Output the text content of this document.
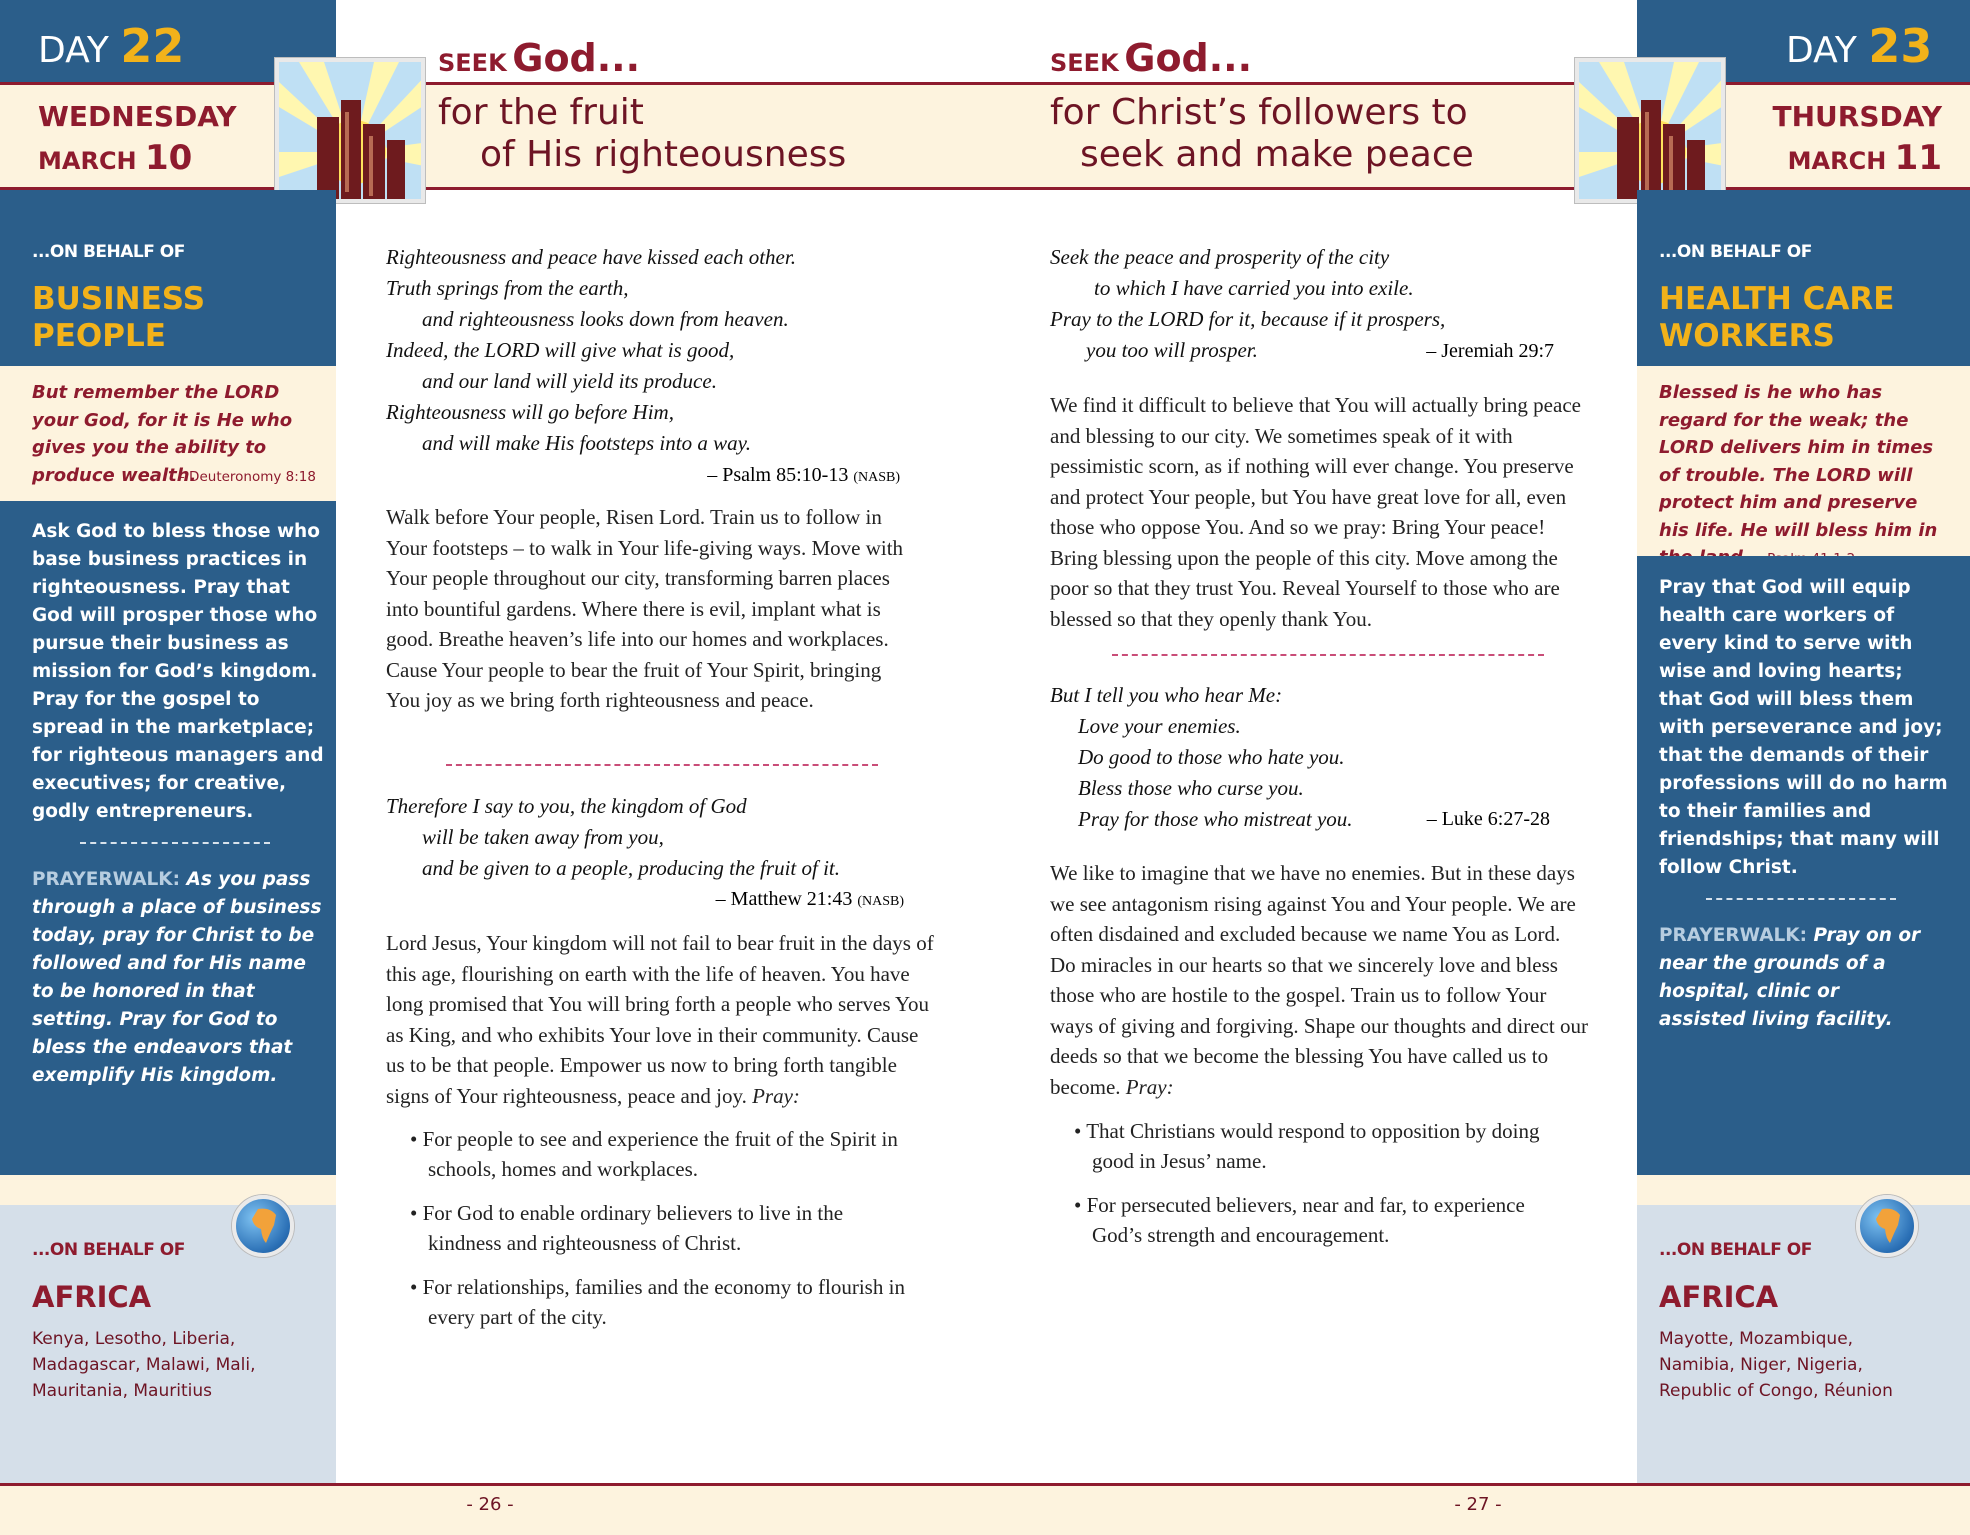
DAY 22	DAY 23
WEDNESDAY
MARCH 10
THURSDAY
MARCH 11
SEEK God...	SEEK God...
for the fruit
of His righteousness
for Christ’s followers to
seek and make peace
...ON BEHALF OF
BUSINESS
PEOPLE
But remember the LORD your God, for it is He who gives you the ability to produce wealth.
– Deuteronomy 8:18
Ask God to bless those who base business practices in righteousness. Pray that God will prosper those who pursue their business as mission for God’s kingdom. Pray for the gospel to spread in the marketplace; for righteous managers and executives; for creative, godly entrepreneurs.
PRAYERWALK: As you pass through a place of business today, pray for Christ to be followed and for His name to be honored in that setting. Pray for God to bless the endeavors that exemplify His kingdom.
...ON BEHALF OF
AFRICA
Kenya, Lesotho, Liberia, Madagascar, Malawi, Mali, Mauritania, Mauritius
...ON BEHALF OF
HEALTH CARE
WORKERS
Blessed is he who has regard for the weak; the LORD delivers him in times of trouble. The LORD will protect him and preserve his life. He will bless him in
Pray that God will equip health care workers of every kind to serve with wise and loving hearts; that God will bless them with perseverance and joy; that the demands of their professions will do no harm to their families and friendships; that many will follow Christ.
PRAYERWALK: Pray on or near the grounds of a hospital, clinic or assisted living facility.
...ON BEHALF OF
AFRICA
Mayotte, Mozambique, Namibia, Niger, Nigeria, Republic of Congo, Réunion
Righteousness and peace have kissed each other.
Truth springs from the earth,
and righteousness looks down from heaven.
Indeed, the LORD will give what is good,
and our land will yield its produce.
Righteousness will go before Him,
and will make His footsteps into a way.
– Psalm 85:10-13 (NASB)
Walk before Your people, Risen Lord. Train us to follow in Your footsteps – to walk in Your life-giving ways. Move with Your people throughout our city, transforming barren places into bountiful gardens. Where there is evil, implant what is good. Breathe heaven’s life into our homes and workplaces. Cause Your people to bear the fruit of Your Spirit, bringing You joy as we bring forth righteousness and peace.
Therefore I say to you, the kingdom of God
will be taken away from you,
and be given to a people, producing the fruit of it.
– Matthew 21:43 (NASB)
Lord Jesus, Your kingdom will not fail to bear fruit in the days of this age, flourishing on earth with the life of heaven. You have long promised that You will bring forth a people who serves You as King, and who exhibits Your love in their community. Cause us to be that people. Empower us now to bring forth tangible signs of Your righteousness, peace and joy. Pray:
• For people to see and experience the fruit of the Spirit in schools, homes and workplaces.
• For God to enable ordinary believers to live in the kindness and righteousness of Christ.
• For relationships, families and the economy to flourish in every part of the city.
Seek the peace and prosperity of the city
to which I have carried you into exile.
Pray to the LORD for it, because if it prospers,
you too will prosper.	– Jeremiah 29:7
We find it difficult to believe that You will actually bring peace and blessing to our city. We sometimes speak of it with pessimistic scorn, as if nothing will ever change. You preserve and protect Your people, but You have great love for all, even those who oppose You. And so we pray: Bring Your peace! Bring blessing upon the people of this city. Move among the poor so that they trust You. Reveal Yourself to those who are blessed so that they openly thank You.
But I tell you who hear Me:
Love your enemies.
Do good to those who hate you.
Bless those who curse you.
Pray for those who mistreat you.	– Luke 6:27-28
We like to imagine that we have no enemies. But in these days we see antagonism rising against You and Your people. We are often disdained and excluded because we name You as Lord. Do miracles in our hearts so that we sincerely love and bless those who are hostile to the gospel. Train us to follow Your ways of giving and forgiving. Shape our thoughts and direct our deeds so that we become the blessing You have called us to become. Pray:
• That Christians would respond to opposition by doing good in Jesus’ name.
• For persecuted believers, near and far, to experience God’s strength and encouragement.
- 26 -	- 27 -
